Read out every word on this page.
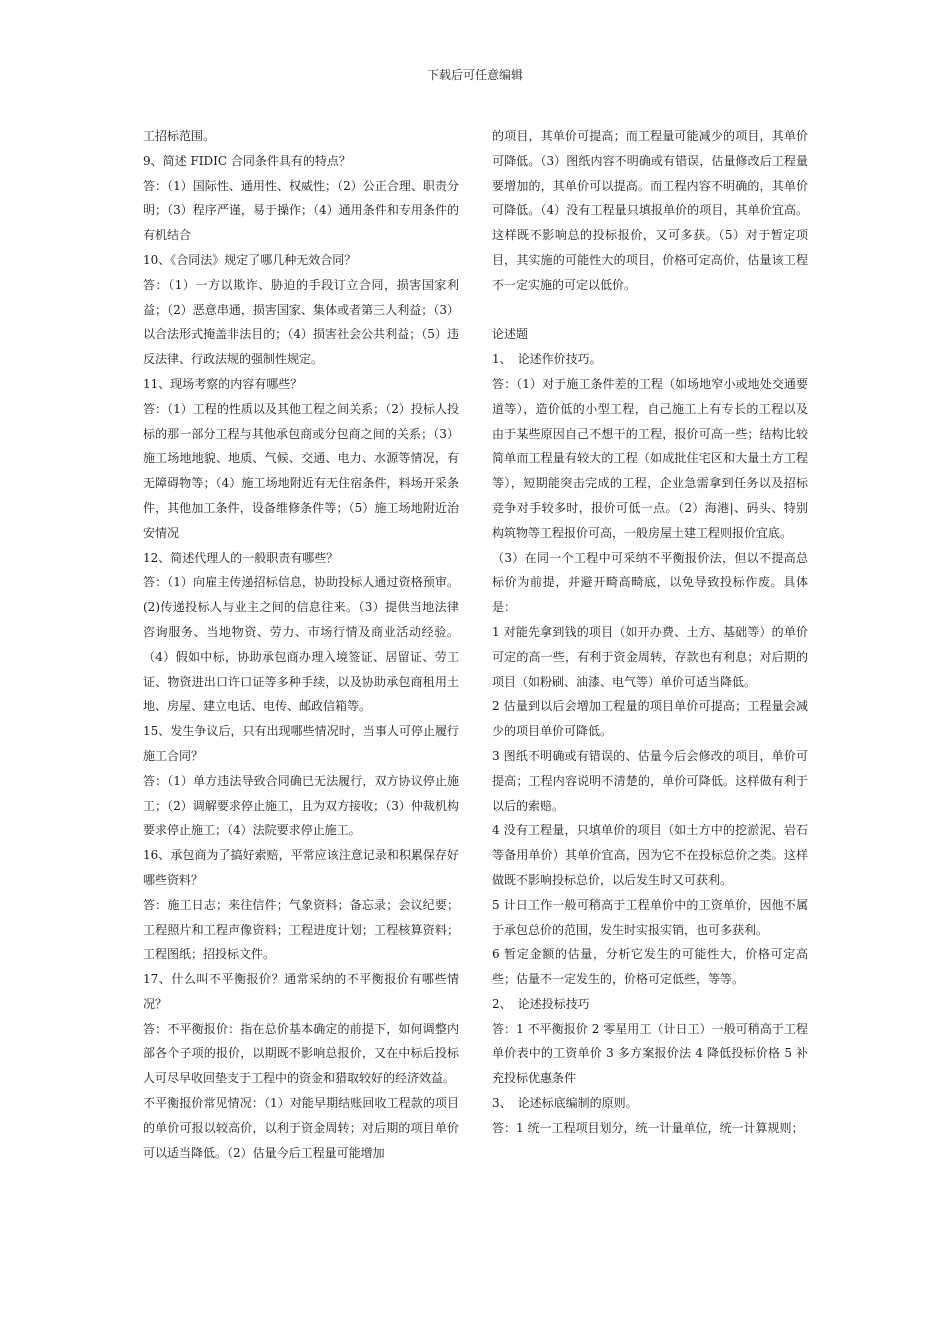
下载后可任意编辑

工招标范围。

9、简述 FIDIC 合同条件具有的特点？

答：（1）国际性、通用性、权威性；（2）公正合理、职责分明；（3）程序严谨，易于操作；（4）通用条件和专用条件的有机结合

10、《合同法》规定了哪几种无效合同？

答：（1）一方以欺诈、胁迫的手段订立合同，损害国家利益；（2）恶意串通，损害国家、集体或者第三人利益；（3）以合法形式掩盖非法目的；（4）损害社会公共利益；（5）违反法律、行政法规的强制性规定。

11、现场考察的内容有哪些？

答：（1）工程的性质以及其他工程之间关系；（2）投标人投标的那一部分工程与其他承包商或分包商之间的关系；（3）施工场地地貌、地质、气候、交通、电力、水源等情况，有无障碍物等；（4）施工场地附近有无住宿条件，料场开采条件，其他加工条件，设备维修条件等；（5）施工场地附近治安情况

12、简述代理人的一般职责有哪些？

答：（1）向雇主传递招标信息，协助投标人通过资格预审。(2)传递投标人与业主之间的信息往来。（3）提供当地法律咨询服务、当地物资、劳力、市场行情及商业活动经验。（4）假如中标，协助承包商办理入境签证、居留证、劳工证、物资进出口许口证等多种手续，以及协助承包商租用土地、房屋、建立电话、电传、邮政信箱等。

15、发生争议后，只有出现哪些情况时，当事人可停止履行施工合同？

答：（1）单方违法导致合同确已无法履行，双方协议停止施工；（2）调解要求停止施工，且为双方接收；（3）仲裁机构要求停止施工；（4）法院要求停止施工。

16、承包商为了搞好索赔，平常应该注意记录和积累保存好哪些资料？

答：施工日志；来往信件；气象资料；备忘录；会议纪要；工程照片和工程声像资料；工程进度计划；工程核算资料；工程图纸；招投标文件。

17、什么叫不平衡报价？通常采纳的不平衡报价有哪些情况？

答：不平衡报价：指在总价基本确定的前提下，如何调整内部各个子项的报价，以期既不影响总报价，又在中标后投标人可尽早收回垫支于工程中的资金和猎取较好的经济效益。

不平衡报价常见情况：（1）对能早期结账回收工程款的项目的单价可报以较高价，以利于资金周转；对后期的项目单价可以适当降低。（2）估量今后工程量可能增加

的项目，其单价可提高；而工程量可能减少的项目，其单价可降低。（3）图纸内容不明确或有错误，估量修改后工程量要增加的，其单价可以提高。而工程内容不明确的，其单价可降低。（4）没有工程量只填报单价的项目，其单价宜高。这样既不影响总的投标报价，又可多获。（5）对于暂定项目，其实施的可能性大的项目，价格可定高价，估量该工程不一定实施的可定以低价。

论述题

1、　论述作价技巧。

答：（1）对于施工条件差的工程（如场地窄小或地处交通要道等），造价低的小型工程，自己施工上有专长的工程以及由于某些原因自己不想干的工程，报价可高一些；结构比较简单而工程量有较大的工程（如成批住宅区和大量土方工程等），短期能突击完成的工程，企业急需拿到任务以及招标竞争对手较多时，报价可低一点。（2）海港|、码头、特别构筑物等工程报价可高，一般房屋土建工程则报价宜底。

（3）在同一个工程中可采纳不平衡报价法，但以不提高总标价为前提，并避开畸高畸底，以免导致投标作废。具体是：

1 对能先拿到钱的项目（如开办费、土方、基础等）的单价可定的高一些，有利于资金周转，存款也有利息；对后期的项目（如粉刷、油漆、电气等）单价可适当降低。

2 估量到以后会增加工程量的项目单价可提高；工程量会减少的项目单价可降低。

3 图纸不明确或有错误的、估量今后会修改的项目，单价可提高；工程内容说明不清楚的，单价可降低。这样做有利于以后的索赔。

4 没有工程量，只填单价的项目（如土方中的挖淤泥、岩石等备用单价）其单价宜高，因为它不在投标总价之类。这样做既不影响投标总价，以后发生时又可获利。

5 计日工作一般可稍高于工程单价中的工资单价，因他不属于承包总价的范围，发生时实报实销，也可多获利。

6 暂定金额的估量，分析它发生的可能性大，价格可定高些；估量不一定发生的，价格可定低些，等等。

2、　论述投标技巧

答：1 不平衡报价 2 零星用工（计日工）一般可稍高于工程单价表中的工资单价 3 多方案报价法 4 降低投标价格 5 补充投标优惠条件

3、　论述标底编制的原则。

答：1 统一工程项目划分，统一计量单位，统一计算规则；
